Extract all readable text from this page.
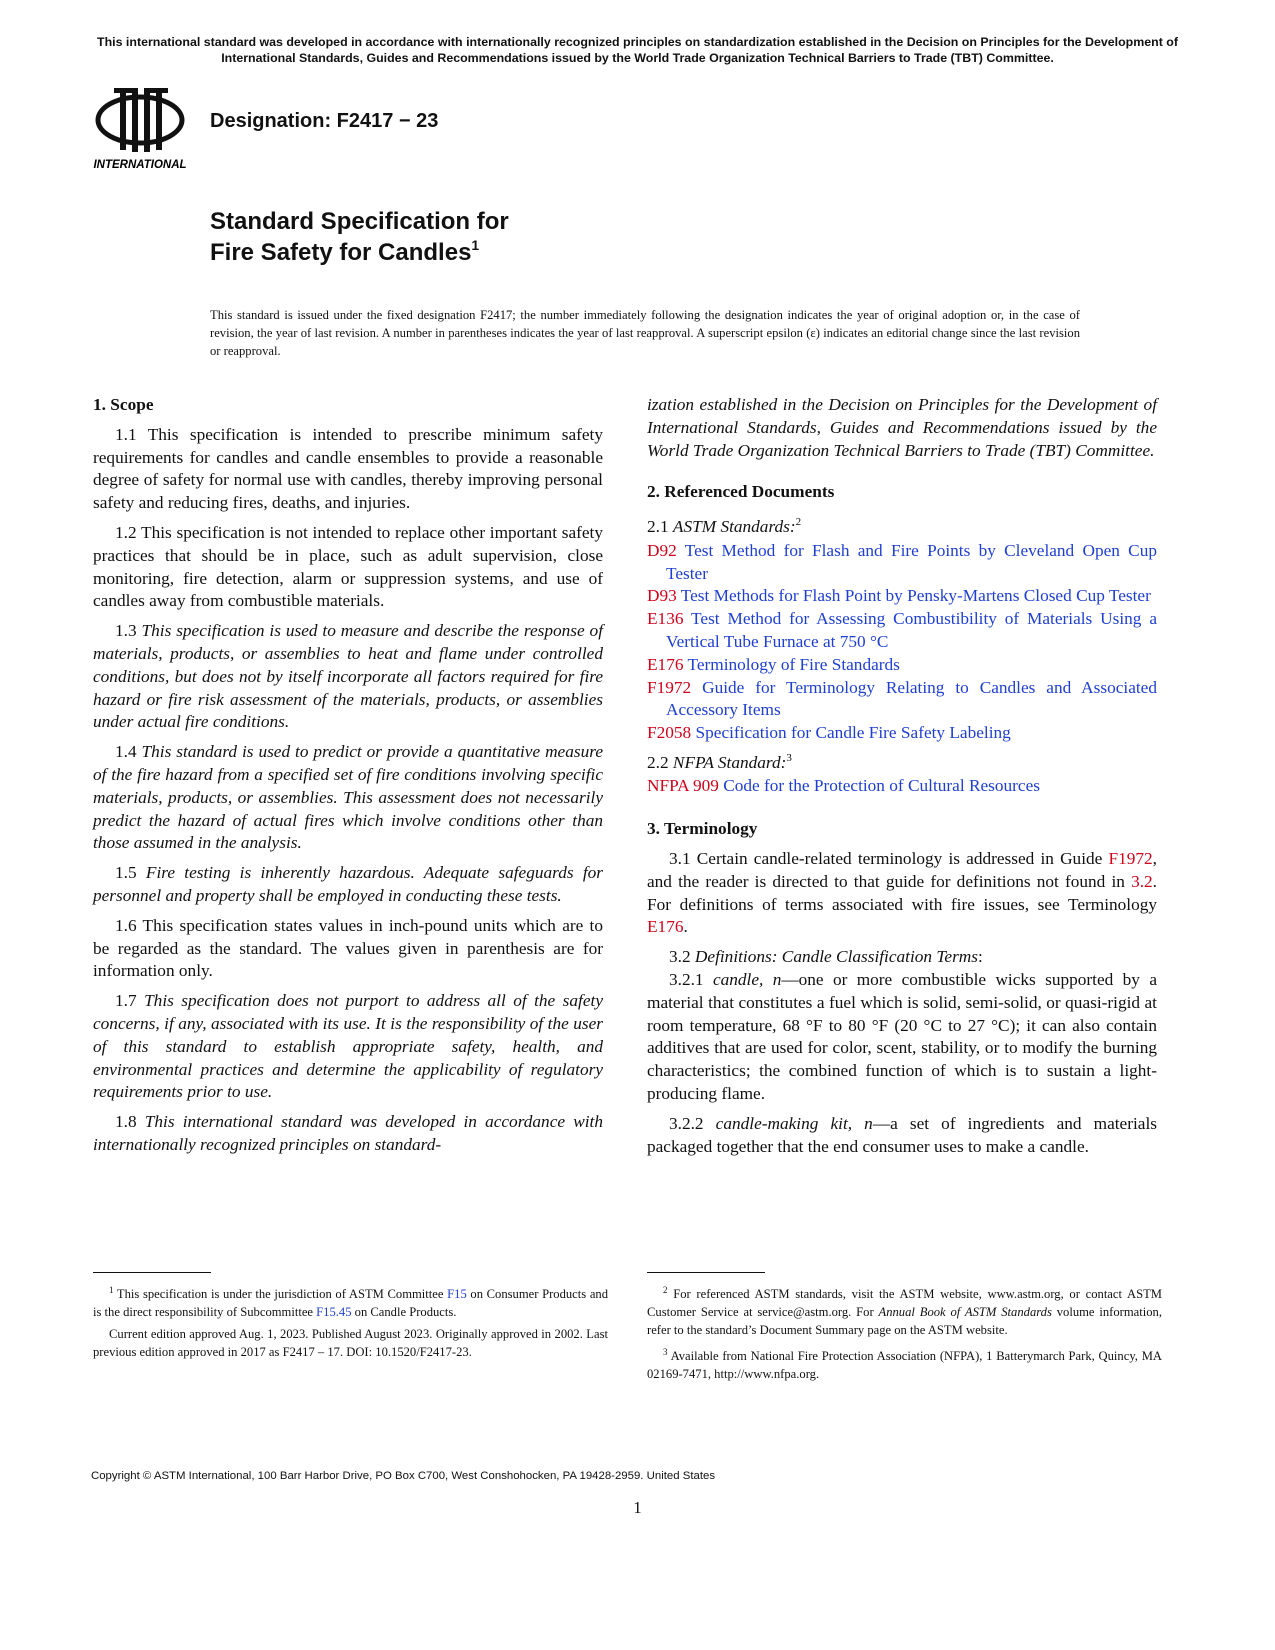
This international standard was developed in accordance with internationally recognized principles on standardization established in the Decision on Principles for the Development of International Standards, Guides and Recommendations issued by the World Trade Organization Technical Barriers to Trade (TBT) Committee.
INTERNATIONAL
Designation: F2417 − 23
Standard Specification for
Fire Safety for Candles$^1$
This standard is issued under the fixed designation F2417; the number immediately following the designation indicates the year of original adoption or, in the case of revision, the year of last revision. A number in parentheses indicates the year of last reapproval. A superscript epsilon (ε) indicates an editorial change since the last revision or reapproval.
1. Scope

1.1 This specification is intended to prescribe minimum safety requirements for candles and candle ensembles to provide a reasonable degree of safety for normal use with candles, thereby improving personal safety and reducing fires, deaths, and injuries.

1.2 This specification is not intended to replace other important safety practices that should be in place, such as adult supervision, close monitoring, fire detection, alarm or suppression systems, and use of candles away from combustible materials.

1.3 This specification is used to measure and describe the response of materials, products, or assemblies to heat and flame under controlled conditions, but does not by itself incorporate all factors required for fire hazard or fire risk assessment of the materials, products, or assemblies under actual fire conditions.

1.4 This standard is used to predict or provide a quantitative measure of the fire hazard from a specified set of fire conditions involving specific materials, products, or assemblies. This assessment does not necessarily predict the hazard of actual fires which involve conditions other than those assumed in the analysis.

1.5 Fire testing is inherently hazardous. Adequate safeguards for personnel and property shall be employed in conducting these tests.

1.6 This specification states values in inch-pound units which are to be regarded as the standard. The values given in parenthesis are for information only.

1.7 This specification does not purport to address all of the safety concerns, if any, associated with its use. It is the responsibility of the user of this standard to establish appropriate safety, health, and environmental practices and determine the applicability of regulatory requirements prior to use.

1.8 This international standard was developed in accordance with internationally recognized principles on standard-

ization established in the Decision on Principles for the Development of International Standards, Guides and Recommendations issued by the World Trade Organization Technical Barriers to Trade (TBT) Committee.

2. Referenced Documents

2.1 ASTM Standards:$^2$

D92 Test Method for Flash and Fire Points by Cleveland Open Cup Tester
D93 Test Methods for Flash Point by Pensky-Martens Closed Cup Tester
E136 Test Method for Assessing Combustibility of Materials Using a Vertical Tube Furnace at 750 °C
E176 Terminology of Fire Standards
F1972 Guide for Terminology Relating to Candles and Associated Accessory Items
F2058 Specification for Candle Fire Safety Labeling

2.2 NFPA Standard:$^3$

NFPA 909 Code for the Protection of Cultural Resources
3. Terminology

3.1 Certain candle-related terminology is addressed in Guide F1972, and the reader is directed to that guide for definitions not found in 3.2. For definitions of terms associated with fire issues, see Terminology E176.

3.2 Definitions: Candle Classification Terms:

3.2.1 candle, n—one or more combustible wicks supported by a material that constitutes a fuel which is solid, semi-solid, or quasi-rigid at room temperature, 68 °F to 80 °F (20 °C to 27 °C); it can also contain additives that are used for color, scent, stability, or to modify the burning characteristics; the combined function of which is to sustain a light-producing flame.

3.2.2 candle-making kit, n—a set of ingredients and materials packaged together that the end consumer uses to make a candle.

$^1$ This specification is under the jurisdiction of ASTM Committee F15 on Consumer Products and is the direct responsibility of Subcommittee F15.45 on Candle Products.

Current edition approved Aug. 1, 2023. Published August 2023. Originally approved in 2002. Last previous edition approved in 2017 as F2417 – 17. DOI: 10.1520/F2417-23.

$^2$ For referenced ASTM standards, visit the ASTM website, www.astm.org, or contact ASTM Customer Service at service@astm.org. For Annual Book of ASTM Standards volume information, refer to the standard’s Document Summary page on the ASTM website.

$^3$ Available from National Fire Protection Association (NFPA), 1 Batterymarch Park, Quincy, MA 02169-7471, http://www.nfpa.org.

Copyright © ASTM International, 100 Barr Harbor Drive, PO Box C700, West Conshohocken, PA 19428-2959. United States
1
